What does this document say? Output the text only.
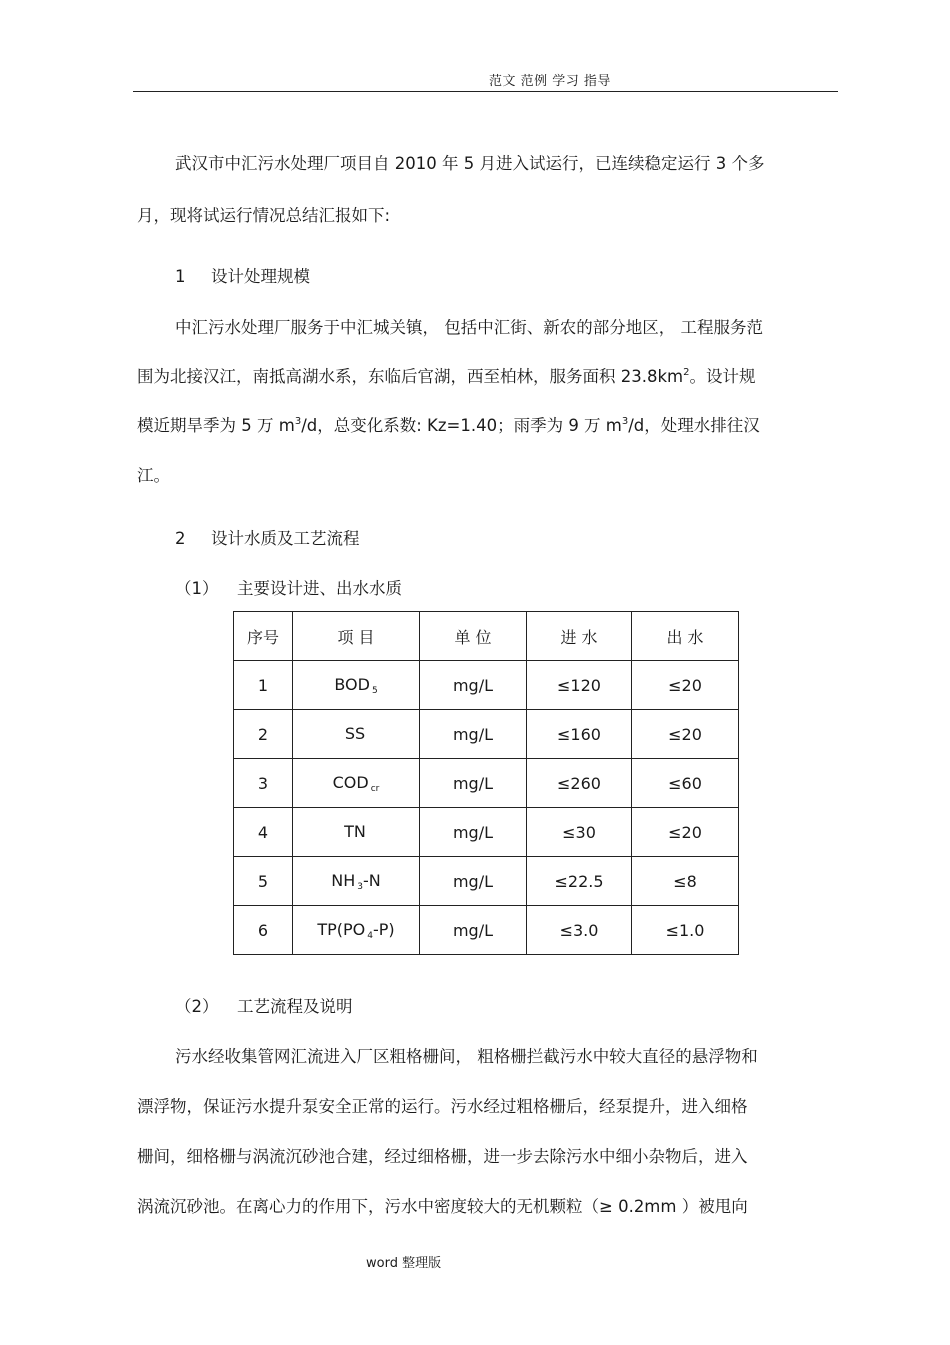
范文 范例 学习 指导
武汉市中汇污水处理厂项目自 2010 年 5 月进入试运行，已连续稳定运行 3 个多
月，现将试运行情况总结汇报如下:
1 设计处理规模
中汇污水处理厂服务于中汇城关镇， 包括中汇街、新农的部分地区， 工程服务范
围为北接汉江，南抵高湖水系，东临后官湖，西至柏林，服务面积 $23.8km^2$。设计规
模近期旱季为 5 万 $m^3/d$，总变化系数: Kz=1.40；雨季为 9 万 $m^3/d$，处理水排往汉
江。
2 设计水质及工艺流程
（1） 主要设计进、出水水质
序号	项 目	单 位	进 水	出 水
1	BOD $_5$	mg/L	≤120	≤20
2	SS	mg/L	≤160	≤20
3	COD $_{cr}$	mg/L	≤260	≤60
4	TN	mg/L	≤30	≤20
5	NH $_3$-N	mg/L	≤22.5	≤8
6	TP(PO $_4$-P)	mg/L	≤3.0	≤1.0
（2） 工艺流程及说明
污水经收集管网汇流进入厂区粗格栅间， 粗格栅拦截污水中较大直径的悬浮物和
漂浮物，保证污水提升泵安全正常的运行。污水经过粗格栅后，经泵提升，进入细格
栅间，细格栅与涡流沉砂池合建，经过细格栅，进一步去除污水中细小杂物后，进入
涡流沉砂池。在离心力的作用下，污水中密度较大的无机颗粒（≥ 0.2mm ）被甩向
word 整理版
